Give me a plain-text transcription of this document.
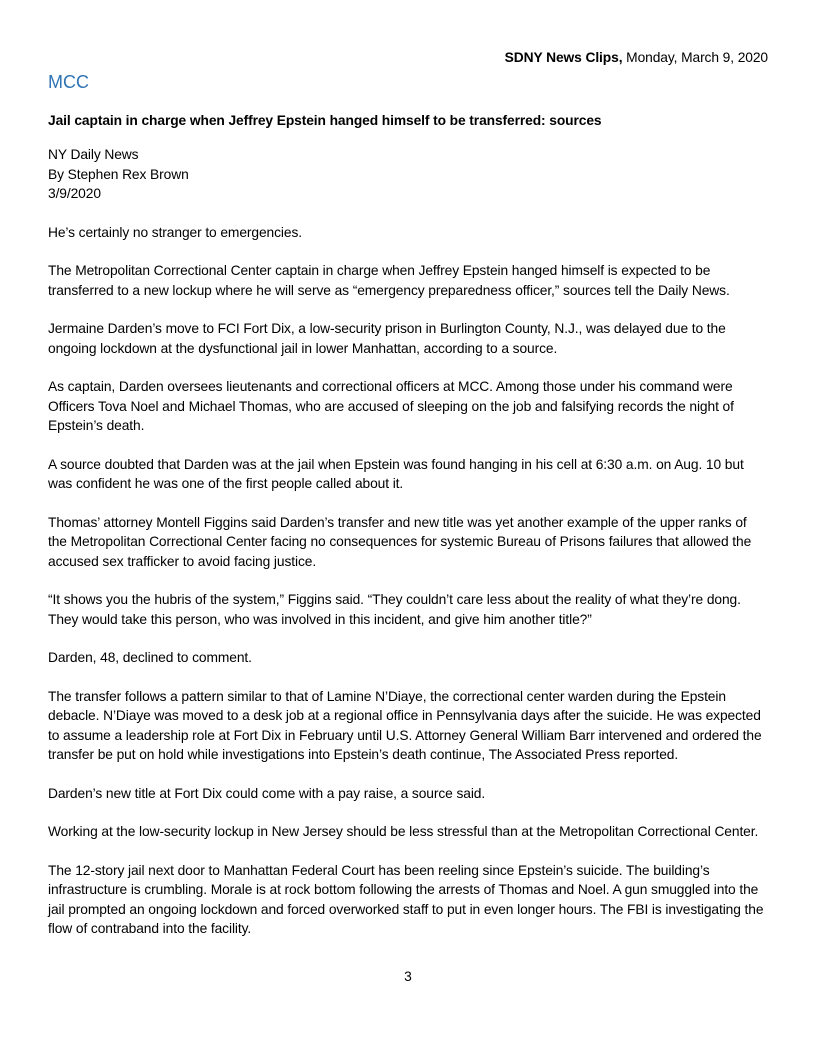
SDNY News Clips, Monday, March 9, 2020
MCC
Jail captain in charge when Jeffrey Epstein hanged himself to be transferred: sources
NY Daily News
By Stephen Rex Brown
3/9/2020
He’s certainly no stranger to emergencies.
The Metropolitan Correctional Center captain in charge when Jeffrey Epstein hanged himself is expected to be transferred to a new lockup where he will serve as “emergency preparedness officer,” sources tell the Daily News.
Jermaine Darden’s move to FCI Fort Dix, a low-security prison in Burlington County, N.J., was delayed due to the ongoing lockdown at the dysfunctional jail in lower Manhattan, according to a source.
As captain, Darden oversees lieutenants and correctional officers at MCC. Among those under his command were Officers Tova Noel and Michael Thomas, who are accused of sleeping on the job and falsifying records the night of Epstein’s death.
A source doubted that Darden was at the jail when Epstein was found hanging in his cell at 6:30 a.m. on Aug. 10 but was confident he was one of the first people called about it.
Thomas’ attorney Montell Figgins said Darden’s transfer and new title was yet another example of the upper ranks of the Metropolitan Correctional Center facing no consequences for systemic Bureau of Prisons failures that allowed the accused sex trafficker to avoid facing justice.
“It shows you the hubris of the system,” Figgins said. “They couldn’t care less about the reality of what they’re dong. They would take this person, who was involved in this incident, and give him another title?”
Darden, 48, declined to comment.
The transfer follows a pattern similar to that of Lamine N’Diaye, the correctional center warden during the Epstein debacle. N’Diaye was moved to a desk job at a regional office in Pennsylvania days after the suicide. He was expected to assume a leadership role at Fort Dix in February until U.S. Attorney General William Barr intervened and ordered the transfer be put on hold while investigations into Epstein’s death continue, The Associated Press reported.
Darden’s new title at Fort Dix could come with a pay raise, a source said.
Working at the low-security lockup in New Jersey should be less stressful than at the Metropolitan Correctional Center.
The 12-story jail next door to Manhattan Federal Court has been reeling since Epstein’s suicide. The building’s infrastructure is crumbling. Morale is at rock bottom following the arrests of Thomas and Noel. A gun smuggled into the jail prompted an ongoing lockdown and forced overworked staff to put in even longer hours. The FBI is investigating the flow of contraband into the facility.
3
